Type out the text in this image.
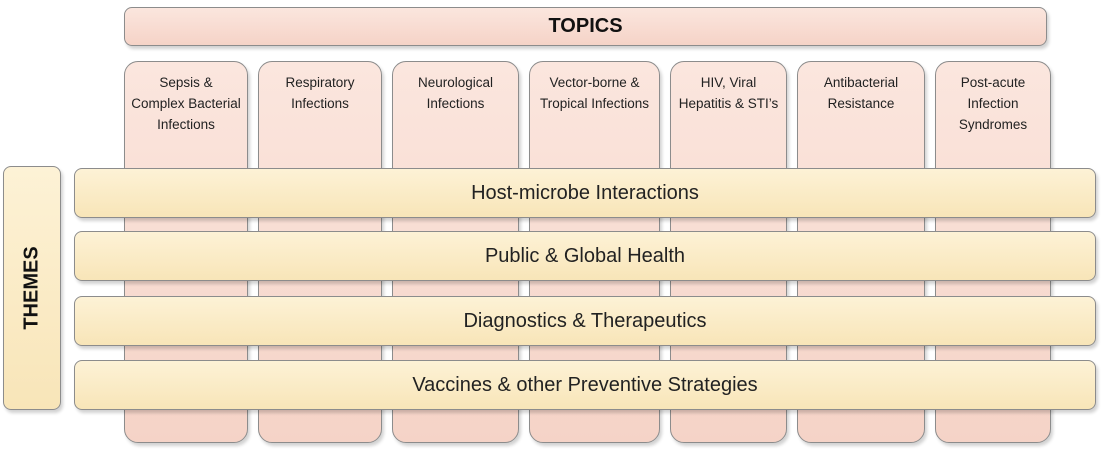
TOPICS
Sepsis & Complex Bacterial Infections
Respiratory Infections
Neurological Infections
Vector-borne & Tropical Infections
HIV, Viral Hepatitis & STI’s
Antibacterial Resistance
Post-acute Infection Syndromes
THEMES
Host-microbe Interactions
Public & Global Health
Diagnostics & Therapeutics
Vaccines & other Preventive Strategies
